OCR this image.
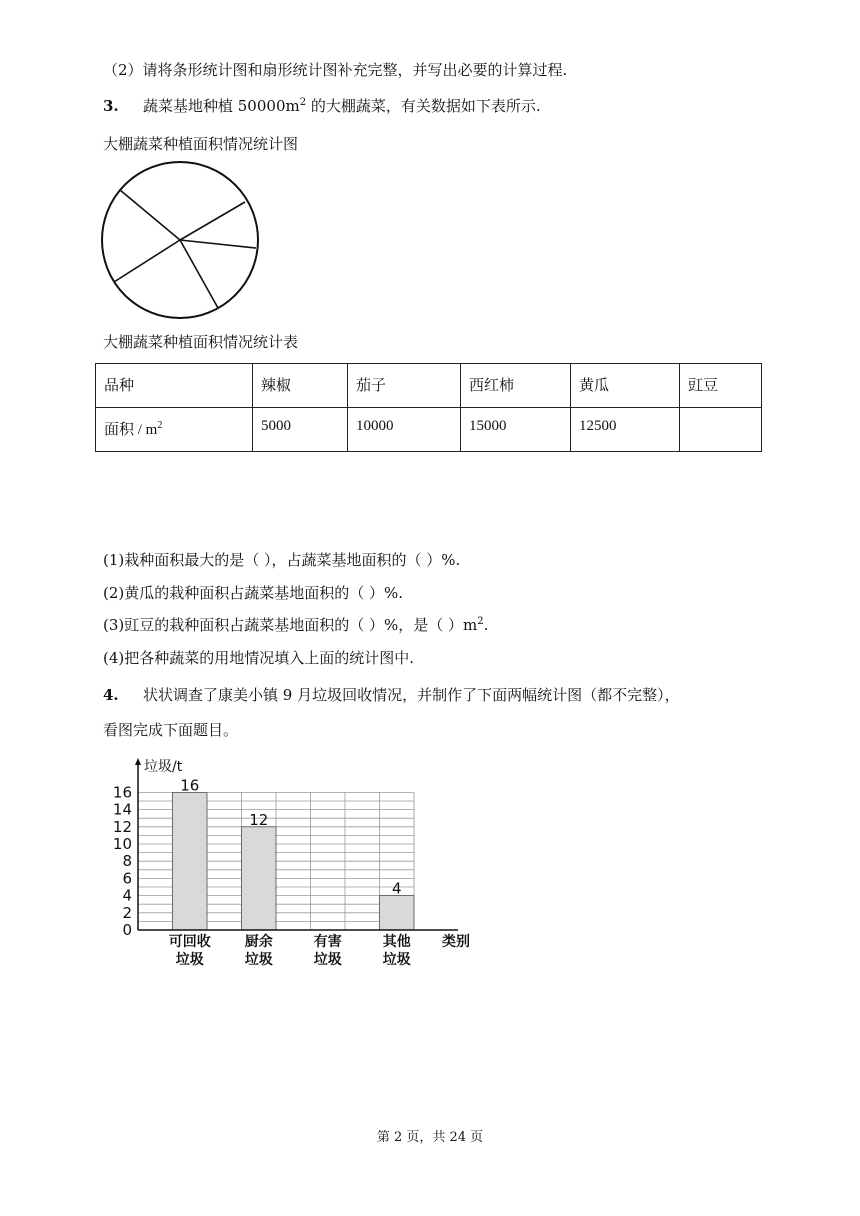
（2）请将条形统计图和扇形统计图补充完整，并写出必要的计算过程.
3. 蔬菜基地种植 $50000m^2$ 的大棚蔬菜，有关数据如下表所示.
大棚蔬菜种植面积情况统计图
大棚蔬菜种植面积情况统计表
品种	辣椒	茄子	西红柿	黄瓜	豇豆
面积 / $m^2$	5000	10000	15000	12500	
(1)栽种面积最大的是（ ），占蔬菜基地面积的（ ）%.
(2)黄瓜的栽种面积占蔬菜基地面积的（ ）%.
(3)豇豆的栽种面积占蔬菜基地面积的（ ）%，是（ ）$m^2$.
(4)把各种蔬菜的用地情况填入上面的统计图中.
4. 状状调查了康美小镇 9 月垃圾回收情况，并制作了下面两幅统计图（都不完整），
看图完成下面题目。
16
12
4
垃圾/t
0
2
4
6
8
10
12
14
16
可回收
垃圾
厨余
垃圾
有害
垃圾
其他
垃圾
类别
第 2 页，共 24 页
